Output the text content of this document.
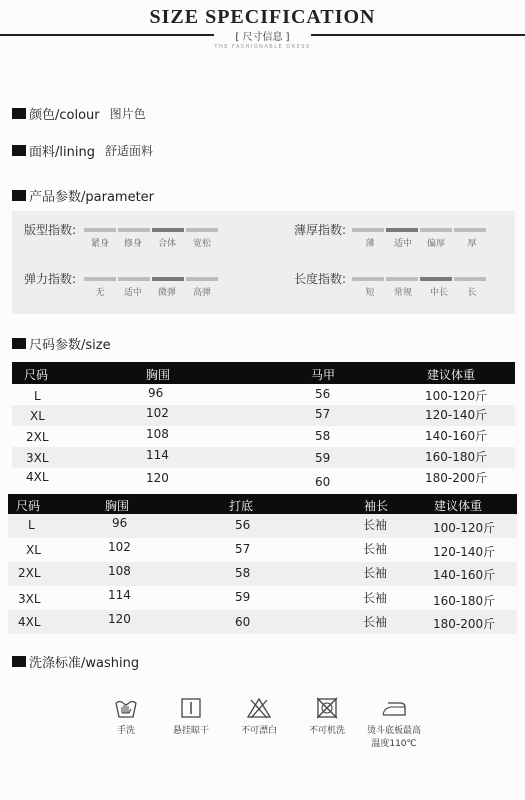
SIZE SPECIFICATION
[ 尺寸信息 ]
THE FASHIONABLE DRESS
颜色/colour 图片色
面料/lining 舒适面料
产品参数/parameter
版型指数:
紧身	修身	合体	宽松
薄厚指数:
薄	适中	偏厚	厚
弹力指数:
无	适中	微弹	高弹
长度指数:
短	常规	中长	长
尺码参数/size
尺码	胸围	马甲	建议体重
L	96	56	100-120斤
XL	102	57	120-140斤
2XL	108	58	140-160斤
3XL	114	59	160-180斤
4XL	120	60	180-200斤
尺码	胸围	打底	袖长	建议体重
L	96	56	长袖	100-120斤
XL	102	57	长袖	120-140斤
2XL	108	58	长袖	140-160斤
3XL	114	59	长袖	160-180斤
4XL	120	60	长袖	180-200斤
洗涤标准/washing
手洗	悬挂晾干	不可漂白	不可机洗	烫斗底板最高
温度110℃
